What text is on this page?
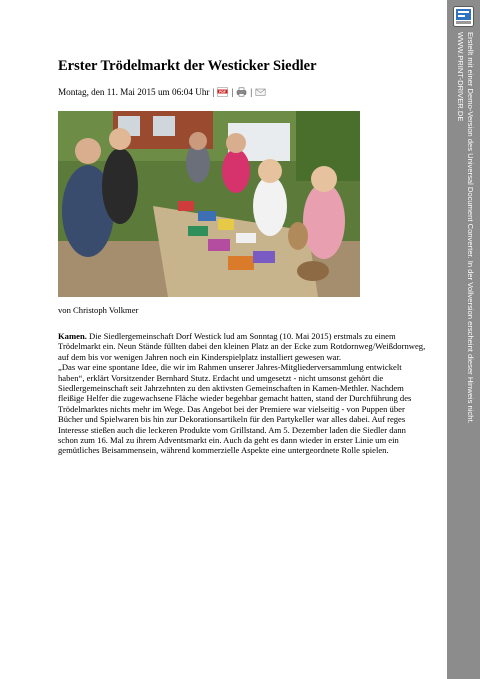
Erster Trödelmarkt der Westicker Siedler
Montag, den 11. Mai 2015 um 06:04 Uhr | PDF | |
von Christoph Volkmer

Kamen. Die Siedlergemeinschaft Dorf Westick lud am Sonntag (10. Mai 2015) erstmals zu einem Trödelmarkt ein. Neun Stände füllten dabei den kleinen Platz an der Ecke zum Rotdornweg/Weißdornweg, auf dem bis vor wenigen Jahren noch ein Kinderspielplatz installiert gewesen war.

„Das war eine spontane Idee, die wir im Rahmen unserer Jahres-Mitgliederversammlung entwickelt haben“, erklärt Vorsitzender Bernhard Stutz. Erdacht und umgesetzt - nicht umsonst gehört die Siedlergemeinschaft seit Jahrzehnten zu den aktivsten Gemeinschaften in Kamen-Methler. Nachdem fleißige Helfer die zugewachsene Fläche wieder begehbar gemacht hatten, stand der Durchführung des Trödelmarktes nichts mehr im Wege. Das Angebot bei der Premiere war vielseitig - von Puppen über Bücher und Spielwaren bis hin zur Dekorationsartikeln für den Partykeller war alles dabei. Auf reges Interesse stießen auch die leckeren Produkte vom Grillstand. Am 5. Dezember laden die Siedler dann schon zum 16. Mal zu ihrem Adventsmarkt ein. Auch da geht es dann wieder in erster Linie um ein gemütliches Beisammensein, während kommerzielle Aspekte eine untergeordnete Rolle spielen.

Erstellt mit einer Demo-Version des Universal Document Converter. In der Vollversion erscheint dieser Hinweis nicht.
WWW.PRINT-DRIVER.DE
